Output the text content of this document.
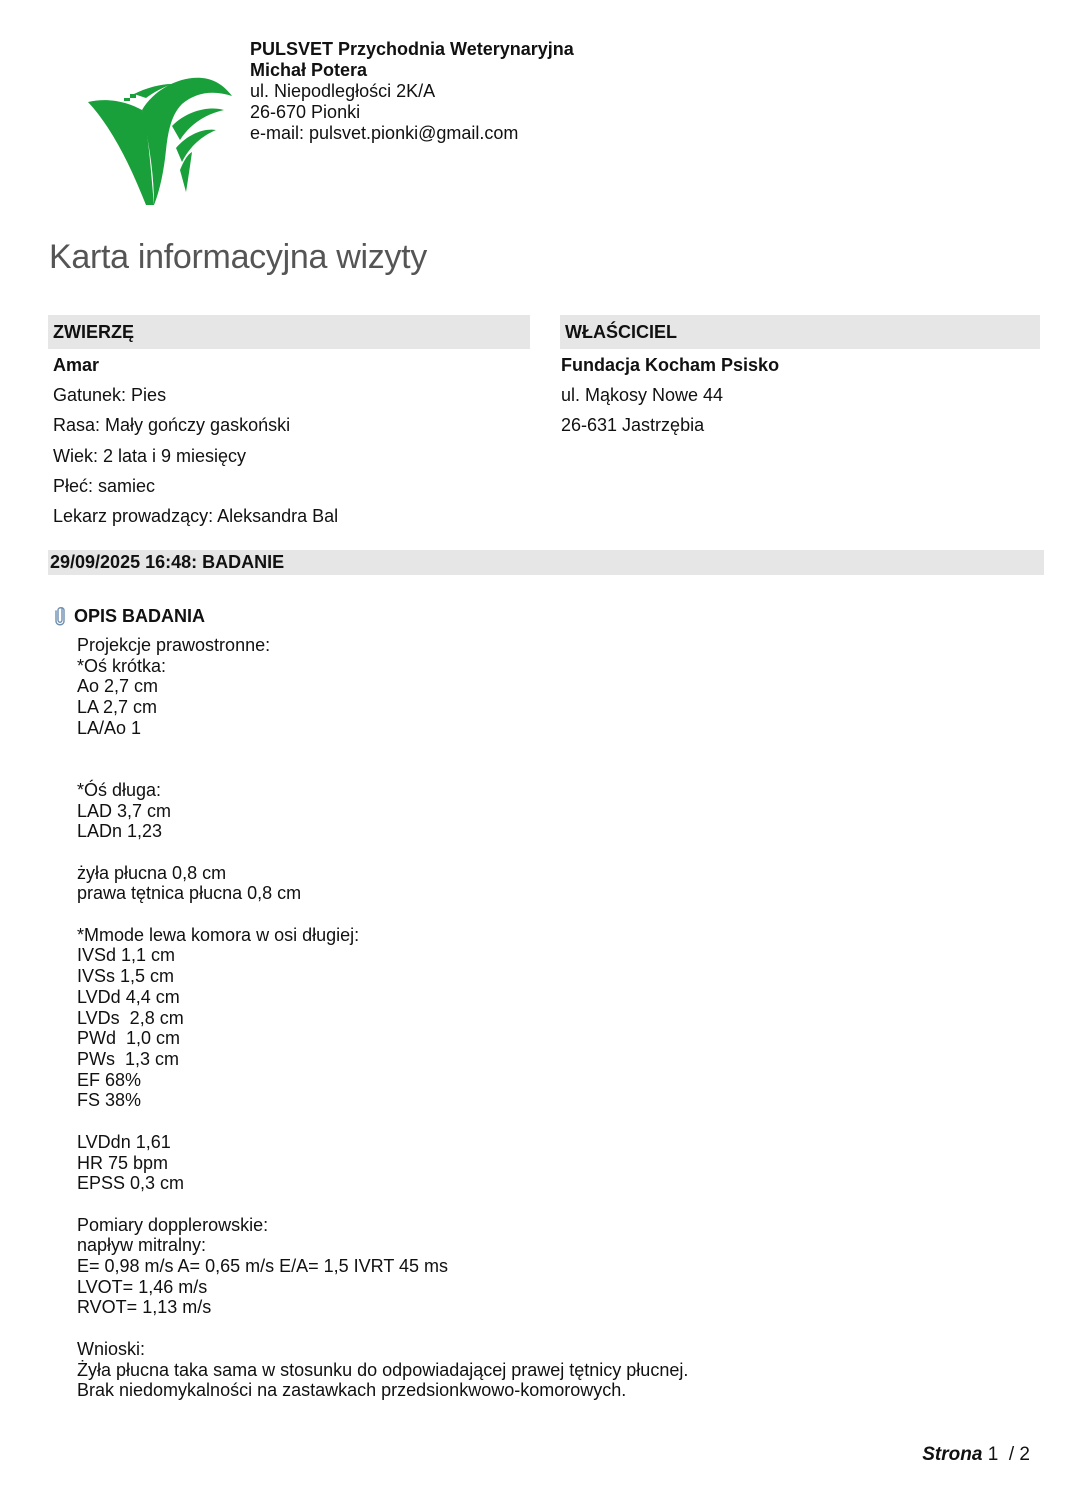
PULSVET Przychodnia Weterynaryjna
Michał Potera
ul. Niepodległości 2K/A
26-670 Pionki
e-mail: pulsvet.pionki@gmail.com
Karta informacyjna wizyty
ZWIERZĘ
Amar
Gatunek: Pies
Rasa: Mały gończy gaskoński
Wiek: 2 lata i 9 miesięcy
Płeć: samiec
Lekarz prowadzący: Aleksandra Bal
WŁAŚCICIEL
Fundacja Kocham Psisko
ul. Mąkosy Nowe 44
26-631 Jastrzębia
29/09/2025 16:48: BADANIE
OPIS BADANIA
Projekcje prawostronne:
*Oś krótka:
Ao 2,7 cm
LA 2,7 cm
LA/Ao 1
*Óś długa:
LAD 3,7 cm
LADn 1,23
żyła płucna 0,8 cm
prawa tętnica płucna 0,8 cm
*Mmode lewa komora w osi długiej:
IVSd 1,1 cm
IVSs 1,5 cm
LVDd 4,4 cm
LVDs  2,8 cm
PWd  1,0 cm
PWs  1,3 cm
EF 68%
FS 38%
LVDdn 1,61
HR 75 bpm
EPSS 0,3 cm
Pomiary dopplerowskie:
napływ mitralny:
E= 0,98 m/s A= 0,65 m/s E/A= 1,5 IVRT 45 ms
LVOT= 1,46 m/s
RVOT= 1,13 m/s
Wnioski:
Żyła płucna taka sama w stosunku do odpowiadającej prawej tętnicy płucnej.
Brak niedomykalności na zastawkach przedsionkwowo-komorowych.
Strona 1 / 2
